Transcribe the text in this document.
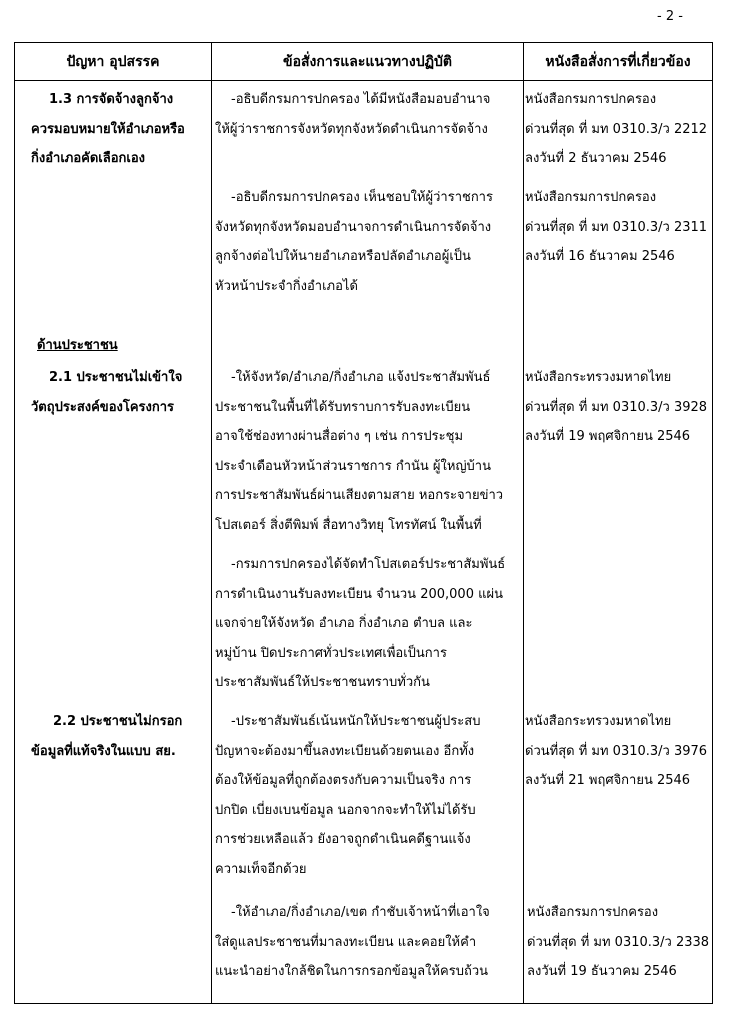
- 2 -
ปัญหา อุปสรรค	ข้อสั่งการและแนวทางปฏิบัติ	หนังสือสั่งการที่เกี่ยวข้อง
1.3 การจัดจ้างลูกจ้าง
ควรมอบหมายให้อำเภอหรือ
กิ่งอำเภอคัดเลือกเอง
-อธิบดีกรมการปกครอง ได้มีหนังสือมอบอำนาจ
ให้ผู้ว่าราชการจังหวัดทุกจังหวัดดำเนินการจัดจ้าง
หนังสือกรมการปกครอง
ด่วนที่สุด ที่ มท 0310.3/ว 2212
ลงวันที่ 2 ธันวาคม 2546
-อธิบดีกรมการปกครอง เห็นชอบให้ผู้ว่าราชการ
จังหวัดทุกจังหวัดมอบอำนาจการดำเนินการจัดจ้าง
ลูกจ้างต่อไปให้นายอำเภอหรือปลัดอำเภอผู้เป็น
หัวหน้าประจำกิ่งอำเภอได้
หนังสือกรมการปกครอง
ด่วนที่สุด ที่ มท 0310.3/ว 2311
ลงวันที่ 16 ธันวาคม 2546
ด้านประชาชน
2.1 ประชาชนไม่เข้าใจ
วัตถุประสงค์ของโครงการ
-ให้จังหวัด/อำเภอ/กิ่งอำเภอ แจ้งประชาสัมพันธ์
ประชาชนในพื้นที่ได้รับทราบการรับลงทะเบียน
อาจใช้ช่องทางผ่านสื่อต่าง ๆ เช่น การประชุม
ประจำเดือนหัวหน้าส่วนราชการ กำนัน ผู้ใหญ่บ้าน
การประชาสัมพันธ์ผ่านเสียงตามสาย หอกระจายข่าว
โปสเตอร์ สิ่งตีพิมพ์ สื่อทางวิทยุ โทรทัศน์ ในพื้นที่
หนังสือกระทรวงมหาดไทย
ด่วนที่สุด ที่ มท 0310.3/ว 3928
ลงวันที่ 19 พฤศจิกายน 2546
-กรมการปกครองได้จัดทำโปสเตอร์ประชาสัมพันธ์
การดำเนินงานรับลงทะเบียน จำนวน 200,000 แผ่น
แจกจ่ายให้จังหวัด อำเภอ กิ่งอำเภอ ตำบล และ
หมู่บ้าน ปิดประกาศทั่วประเทศเพื่อเป็นการ
ประชาสัมพันธ์ให้ประชาชนทราบทั่วกัน
2.2 ประชาชนไม่กรอก
ข้อมูลที่แท้จริงในแบบ สย.
-ประชาสัมพันธ์เน้นหนักให้ประชาชนผู้ประสบ
ปัญหาจะต้องมาขึ้นลงทะเบียนด้วยตนเอง อีกทั้ง
ต้องให้ข้อมูลที่ถูกต้องตรงกับความเป็นจริง การ
ปกปิด เบี่ยงเบนข้อมูล นอกจากจะทำให้ไม่ได้รับ
การช่วยเหลือแล้ว ยังอาจถูกดำเนินคดีฐานแจ้ง
ความเท็จอีกด้วย
หนังสือกระทรวงมหาดไทย
ด่วนที่สุด ที่ มท 0310.3/ว 3976
ลงวันที่ 21 พฤศจิกายน 2546
-ให้อำเภอ/กิ่งอำเภอ/เขต กำชับเจ้าหน้าที่เอาใจ
ใส่ดูแลประชาชนที่มาลงทะเบียน และคอยให้คำ
แนะนำอย่างใกล้ชิดในการกรอกข้อมูลให้ครบถ้วน
หนังสือกรมการปกครอง
ด่วนที่สุด ที่ มท 0310.3/ว 2338
ลงวันที่ 19 ธันวาคม 2546
